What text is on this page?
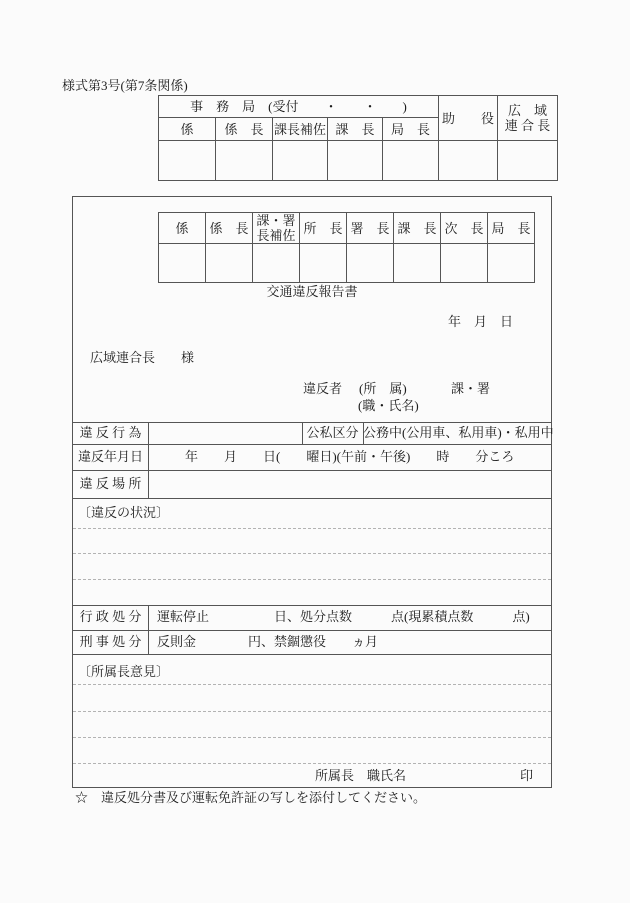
様式第3号(第7条関係)
事　務　局　(受付　　・　　・　　)					助　　役	広　域
連 合 長

係	係　長	課長補佐	課　長	局　長		

係	係　長	課・署
長補佐	所　長	署　長	課　長	次　長	局　長

交通違反報告書
年　月　日
広域連合長　　様
違反者 (所　属)	課・署
(職・氏名)
違 反 行 為	公私区分 公務中(公用車、私用車)・私用中
違反年月日	年　　月　　日(　　曜日)(午前・午後)　　時　　分ころ
違 反 場 所
〔違反の状況〕
行 政 処 分	運転停止　　　　　日、処分点数　　　点(現累積点数　　　点)
刑 事 処 分	反則金　　　　円、禁錮懲役　　ヵ月
〔所属長意見〕
所属長　職氏名	印
☆　違反処分書及び運転免許証の写しを添付してください。
